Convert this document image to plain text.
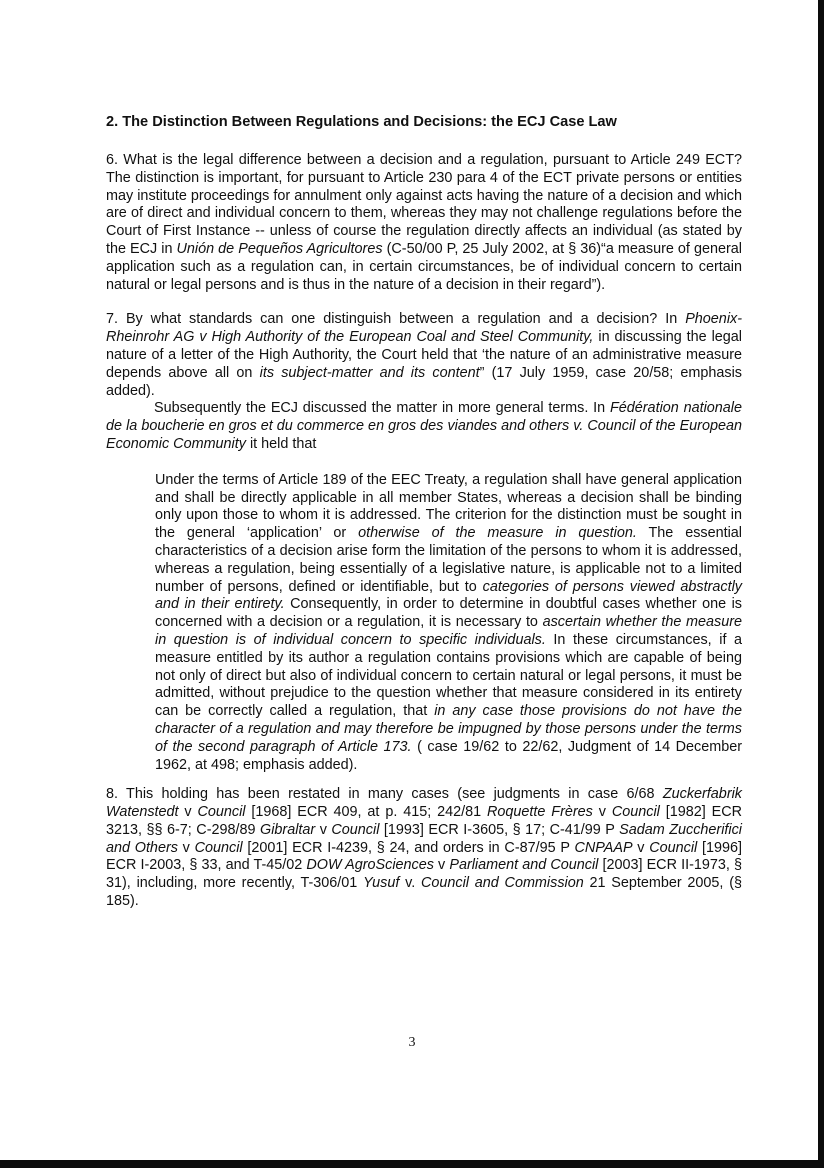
2. The Distinction Between Regulations and Decisions: the ECJ Case Law

6. What is the legal difference between a decision and a regulation, pursuant to Article 249 ECT? The distinction is important, for pursuant to Article 230 para 4 of the ECT private persons or entities may institute proceedings for annulment only against acts having the nature of a decision and which are of direct and individual concern to them, whereas they may not challenge regulations before the Court of First Instance -- unless of course the regulation directly affects an individual (as stated by the ECJ in Unión de Pequeños Agricultores (C-50/00 P, 25 July 2002, at § 36)“a measure of general application such as a regulation can, in certain circumstances, be of individual concern to certain natural or legal persons and is thus in the nature of a decision in their regard”).

7. By what standards can one distinguish between a regulation and a decision? In Phoenix-Rheinrohr AG v High Authority of the European Coal and Steel Community, in discussing the legal nature of a letter of the High Authority, the Court held that ‘the nature of an administrative measure depends above all on its subject-matter and its content” (17 July 1959, case 20/58; emphasis added).

Subsequently the ECJ discussed the matter in more general terms. In Fédération nationale de la boucherie en gros et du commerce en gros des viandes and others v. Council of the European Economic Community it held that

Under the terms of Article 189 of the EEC Treaty, a regulation shall have general application and shall be directly applicable in all member States, whereas a decision shall be binding only upon those to whom it is addressed. The criterion for the distinction must be sought in the general ‘application’ or otherwise of the measure in question. The essential characteristics of a decision arise form the limitation of the persons to whom it is addressed, whereas a regulation, being essentially of a legislative nature, is applicable not to a limited number of persons, defined or identifiable, but to categories of persons viewed abstractly and in their entirety. Consequently, in order to determine in doubtful cases whether one is concerned with a decision or a regulation, it is necessary to ascertain whether the measure in question is of individual concern to specific individuals. In these circumstances, if a measure entitled by its author a regulation contains provisions which are capable of being not only of direct but also of individual concern to certain natural or legal persons, it must be admitted, without prejudice to the question whether that measure considered in its entirety can be correctly called a regulation, that in any case those provisions do not have the character of a regulation and may therefore be impugned by those persons under the terms of the second paragraph of Article 173. ( case 19/62 to 22/62, Judgment of 14 December 1962, at 498; emphasis added).

8. This holding has been restated in many cases (see judgments in case 6/68 Zuckerfabrik Watenstedt v Council [1968] ECR 409, at p. 415; 242/81 Roquette Frères v Council [1982] ECR 3213, §§ 6-7; C-298/89 Gibraltar v Council [1993] ECR I-3605, § 17; C-41/99 P Sadam Zuccherifici and Others v Council [2001] ECR I-4239, § 24, and orders in C-87/95 P CNPAAP v Council [1996] ECR I-2003, § 33, and T-45/02 DOW AgroSciences v Parliament and Council [2003] ECR II-1973, § 31), including, more recently, T-306/01 Yusuf v. Council and Commission 21 September 2005, (§ 185).

3
